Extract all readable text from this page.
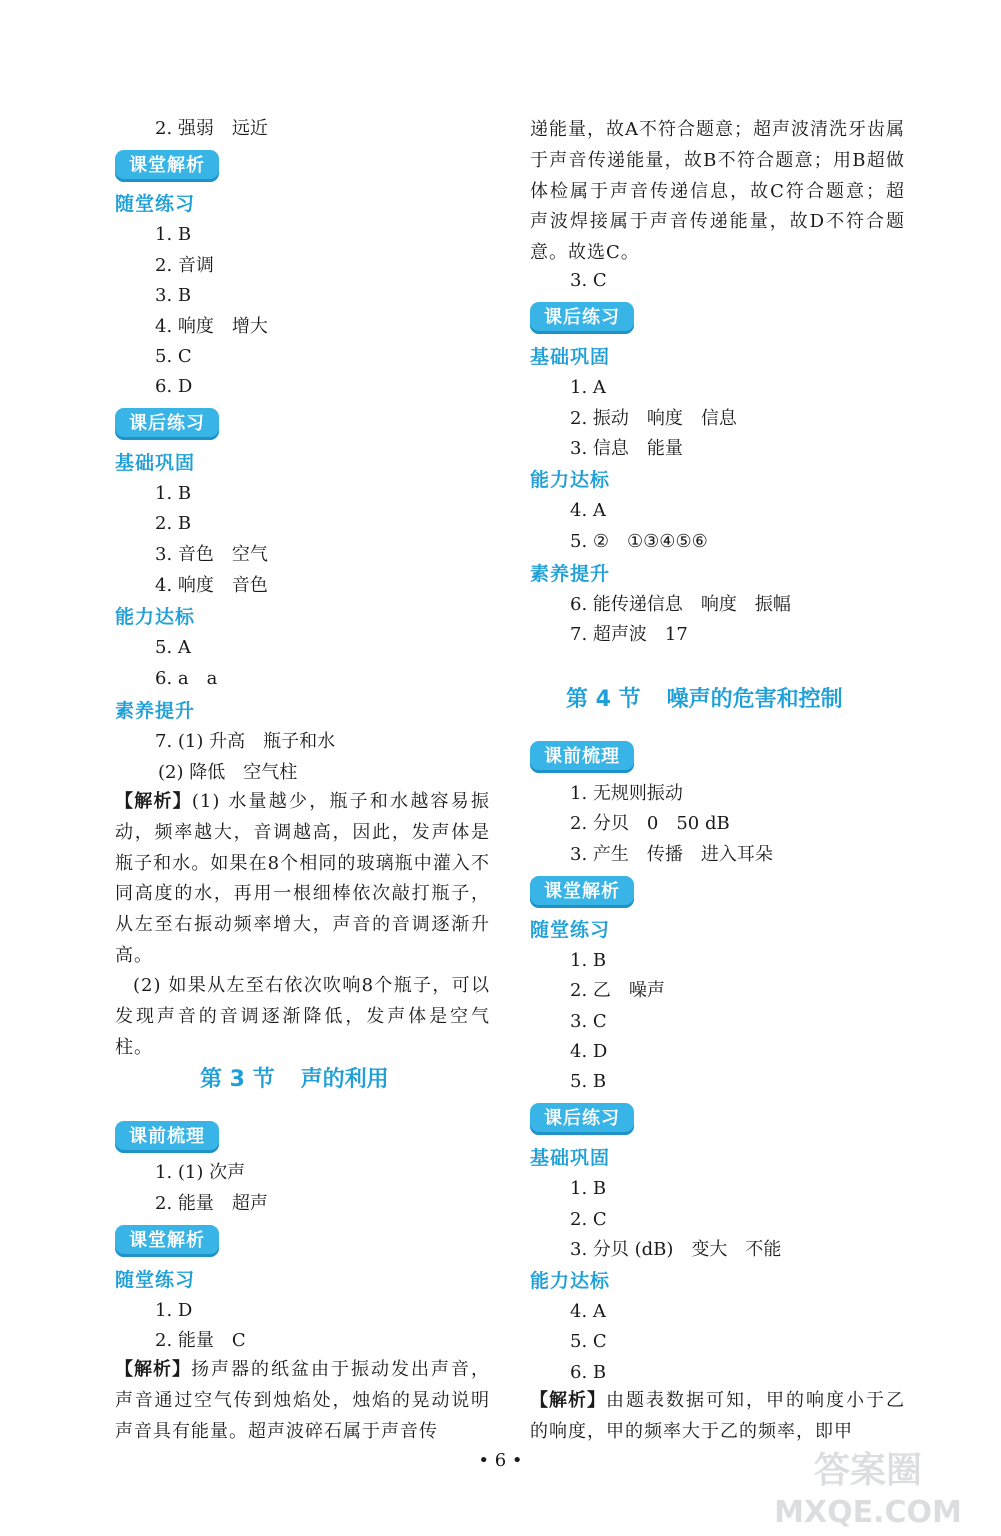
2. 强弱　远近
课堂解析
随堂练习
1. B
2. 音调
3. B
4. 响度　增大
5. C
6. D
课后练习
基础巩固
1. B
2. B
3. 音色　空气
4. 响度　音色
能力达标
5. A
6. a　a
素养提升
7. (1) 升高　瓶子和水
(2) 降低　空气柱
【解析】(1) 水量越少，瓶子和水越容易振动，频率越大，音调越高，因此，发声体是瓶子和水。如果在8个相同的玻璃瓶中灌入不同高度的水，再用一根细棒依次敲打瓶子，从左至右振动频率增大，声音的音调逐渐升高。
(2) 如果从左至右依次吹响8个瓶子，可以发现声音的音调逐渐降低，发声体是空气柱。
第 3 节 声的利用
课前梳理
1. (1) 次声
2. 能量　超声
课堂解析
随堂练习
1. D
2. 能量　C
【解析】扬声器的纸盆由于振动发出声音，声音通过空气传到烛焰处，烛焰的晃动说明声音具有能量。超声波碎石属于声音传
递能量，故A不符合题意；超声波清洗牙齿属于声音传递能量，故B不符合题意；用B超做体检属于声音传递信息，故C符合题意；超声波焊接属于声音传递能量，故D不符合题意。故选C。
3. C
课后练习
基础巩固
1. A
2. 振动　响度　信息
3. 信息　能量
能力达标
4. A
5. ②　①③④⑤⑥
素养提升
6. 能传递信息　响度　振幅
7. 超声波　17
第 4 节 噪声的危害和控制
课前梳理
1. 无规则振动
2. 分贝　0　50 dB
3. 产生　传播　进入耳朵
课堂解析
随堂练习
1. B
2. 乙　噪声
3. C
4. D
5. B
课后练习
基础巩固
1. B
2. C
3. 分贝 (dB)　变大　不能
能力达标
4. A
5. C
6. B
【解析】由题表数据可知，甲的响度小于乙的响度，甲的频率大于乙的频率，即甲
• 6 •	答案圈
MXQE.COM
